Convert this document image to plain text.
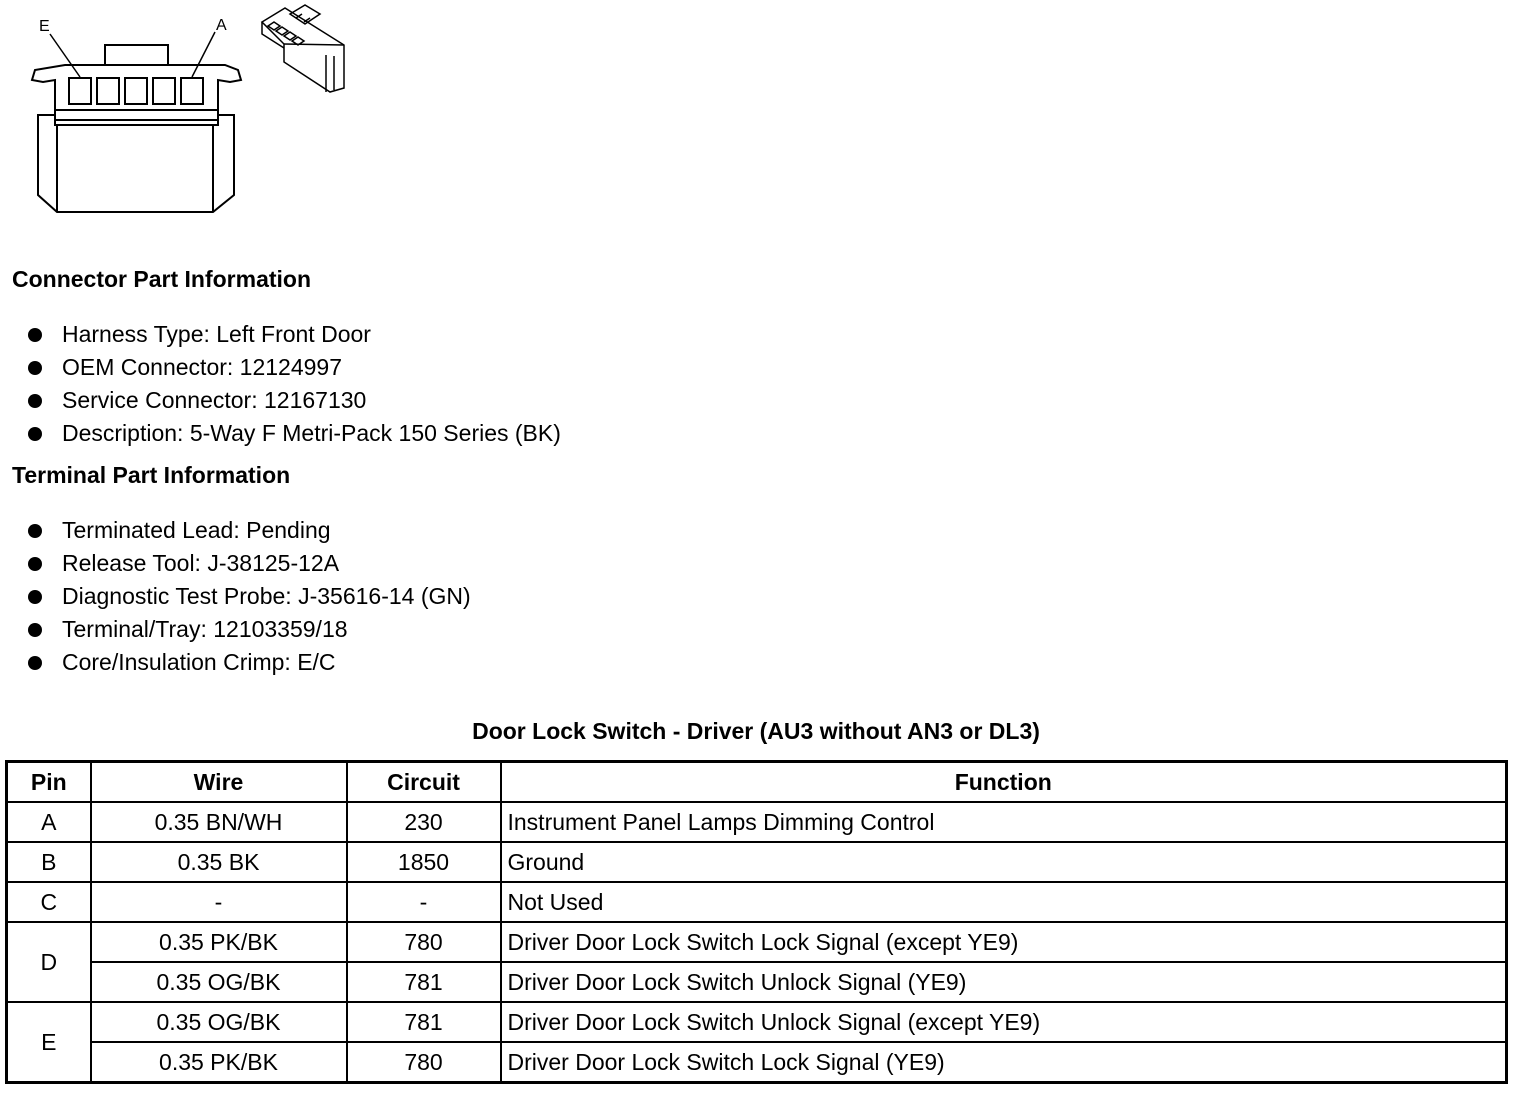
E	A
Connector Part Information
Harness Type: Left Front Door
OEM Connector: 12124997
Service Connector: 12167130
Description: 5-Way F Metri-Pack 150 Series (BK)
Terminal Part Information
Terminated Lead: Pending
Release Tool: J-38125-12A
Diagnostic Test Probe: J-35616-14 (GN)
Terminal/Tray: 12103359/18
Core/Insulation Crimp: E/C
Door Lock Switch - Driver (AU3 without AN3 or DL3)
Pin	Wire	Circuit	Function
A	0.35 BN/WH	230	Instrument Panel Lamps Dimming Control
B	0.35 BK	1850	Ground
C	-	-	Not Used
D	0.35 PK/BK	780	Driver Door Lock Switch Lock Signal (except YE9)
	0.35 OG/BK	781	Driver Door Lock Switch Unlock Signal (YE9)
E	0.35 OG/BK	781	Driver Door Lock Switch Unlock Signal (except YE9)
	0.35 PK/BK	780	Driver Door Lock Switch Lock Signal (YE9)
